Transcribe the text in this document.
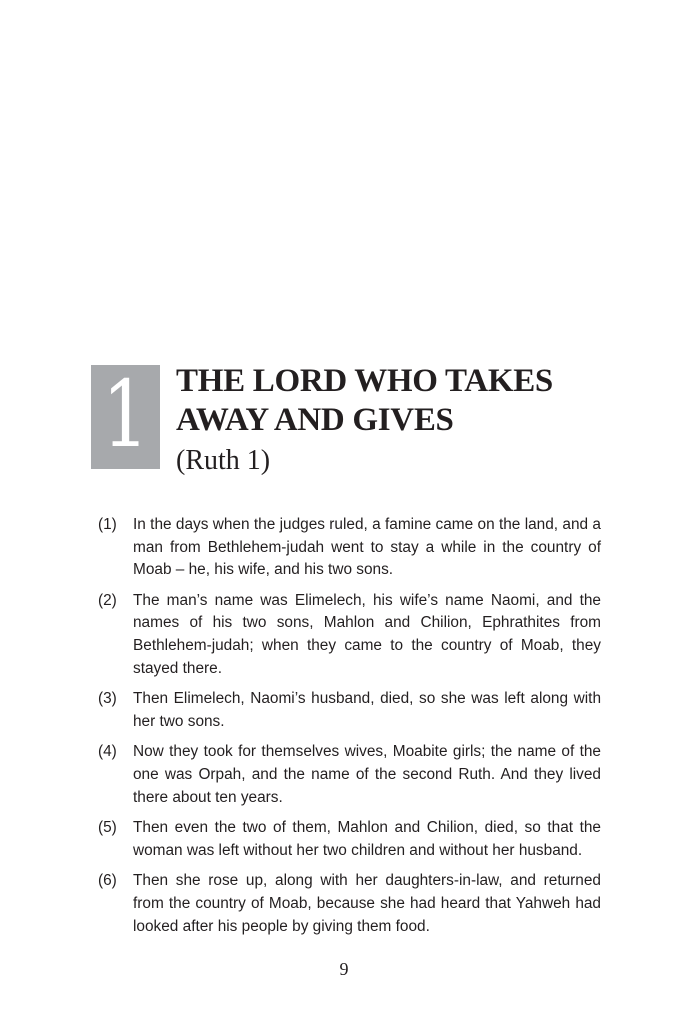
1 THE LORD WHO TAKES
AWAY AND GIVES
(Ruth 1)
(1)	In the days when the judges ruled, a famine came on the land, and a man from Bethlehem-judah went to stay a while in the country of Moab – he, his wife, and his two sons.
(2)	The man’s name was Elimelech, his wife’s name Naomi, and the names of his two sons, Mahlon and Chilion, Ephrathites from Bethlehem-judah; when they came to the country of Moab, they stayed there.
(3)	Then Elimelech, Naomi’s husband, died, so she was left along with her two sons.
(4)	Now they took for themselves wives, Moabite girls; the name of the one was Orpah, and the name of the second Ruth. And they lived there about ten years.
(5)	Then even the two of them, Mahlon and Chilion, died, so that the woman was left without her two children and without her husband.
(6)	Then she rose up, along with her daughters-in-law, and returned from the country of Moab, because she had heard that Yahweh had looked after his people by giving them food.
9
